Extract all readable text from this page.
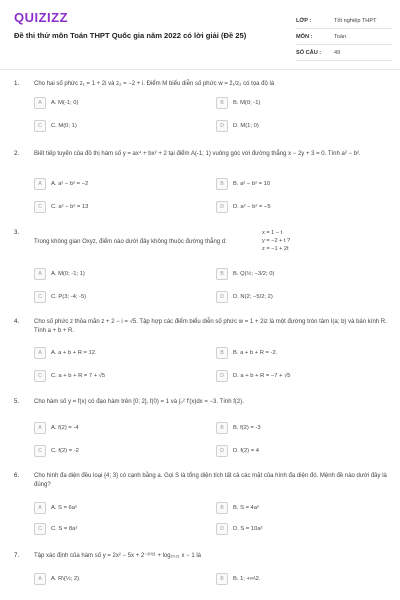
QUIZIZZ
Đề thi thử môn Toán THPT Quốc gia năm 2022 có lời giải (Đề 25)
LỚP :	Tốt nghiệp THPT
MÔN :	Toán
SỐ CÂU :	49
1. Cho hai số phức z₁ = 1 + 2i và z₂ = −2 + i. Điểm M biểu diễn số phức w = z̄₁/z₂ có tọa độ là
A	A. M(-1; 0)	B	B. M(0; -1)
C	C. M(0; 1)	D	D. M(1; 0)
2. Biết tiếp tuyến của đồ thị hàm số y = ax⁴ + bx² + 2 tại điểm A(-1; 1) vuông góc với đường thẳng x − 2y + 3 = 0. Tính a² − b².
A	A. a² − b² = −2	B	B. a² − b² = 10
C	C. a² − b² = 13	D	D. a² − b² = −5
3.	x = 1 − t
y = −2 + t ?
z = −1 + 2t
Trong không gian Oxyz, điểm nào dưới đây không thuộc đường thẳng d:
A	A. M(0; -1; 1)	B	B. Q(½; −3/2; 0)
C	C. P(3; -4; -5)	D	D. N(2; −5/2; 2)
4. Cho số phức z thỏa mãn z + 2 − i = √5. Tập hợp các điểm biểu diễn số phức w = 1 + 2iz là một đường tròn tâm I(a; b) và bán kính R. Tính a + b + R.
A	A. a + b + R = 12.	B	B. a + b + R = -2.
C	C. a + b + R = 7 + √5	D	D. a + b + R = −7 + √5
5. Cho hàm số y = f(x) có đạo hàm trên [0; 2], f(0) = 1 và ∫₀² f′(x)dx = −3. Tính f(2).
A	A. f(2) = -4	B	B. f(2) = -3
C	C. f(2) = -2	D	D. f(2) = 4
6. Cho hình đa diện đều loại {4; 3} có cạnh bằng a. Gọi S là tổng diện tích tất cả các mặt của hình đa diện đó. Mệnh đề nào dưới đây là đúng?
A	A. S = 6a²	B	B. S = 4a²
C	C. S = 8a²	D	D. S = 10a²
7. Tập xác định của hàm số y = 2x² − 5x + 2⁻²⁰²¹ + log₂₀₂₁ x − 1 là
A	A. R\{½; 2}.	B	B. 1; +∞\2.
